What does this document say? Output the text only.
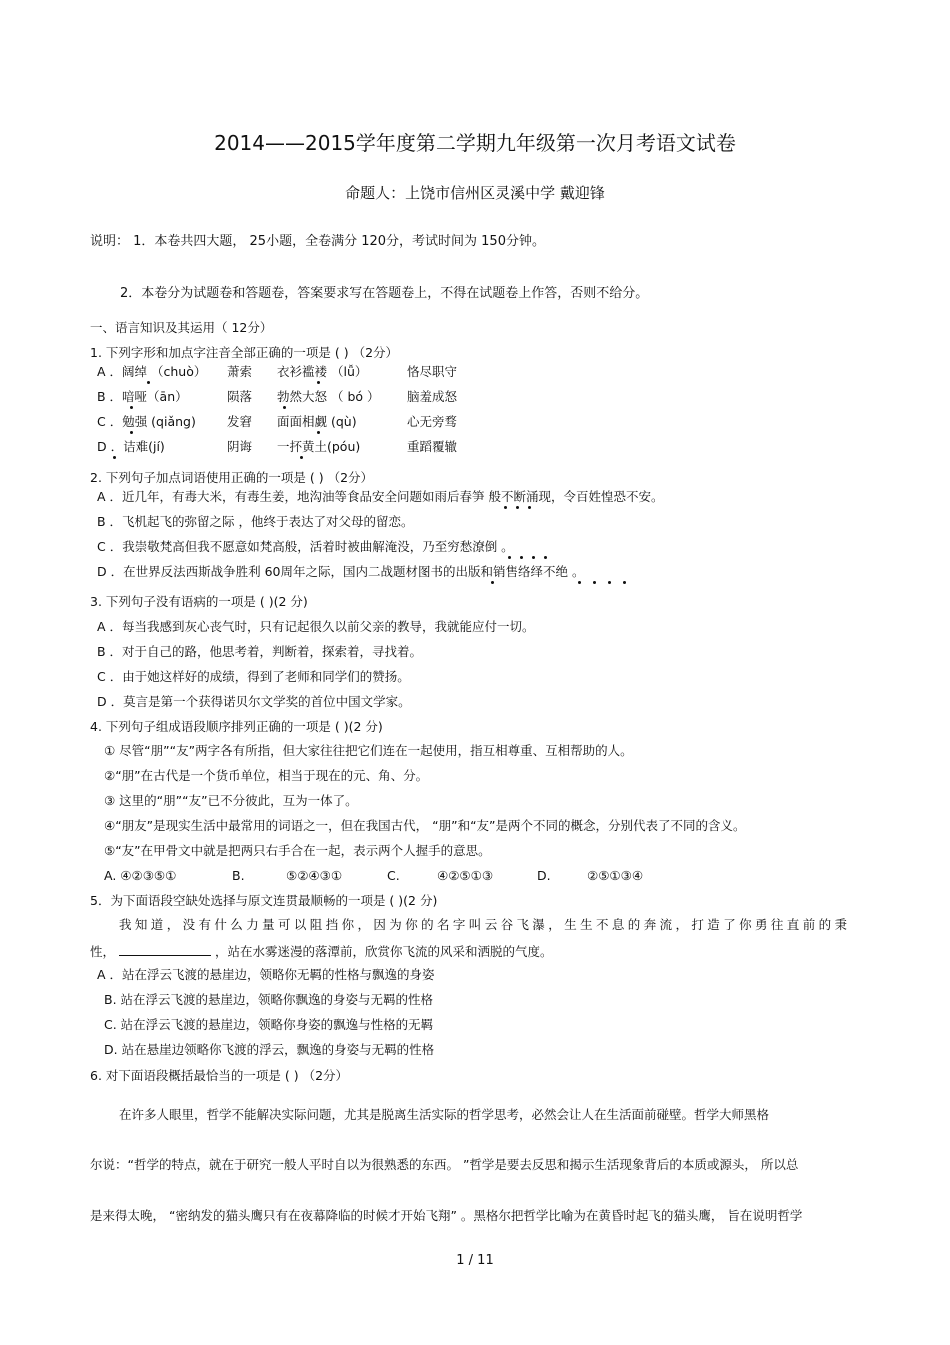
2014——2015学年度第二学期九年级第一次月考语文试卷
命题人：上饶市信州区灵溪中学 戴迎锋
说明： 1．本卷共四大题， 25小题，全卷满分 120分，考试时间为 150分钟。
2．本卷分为试题卷和答题卷，答案要求写在答题卷上，不得在试题卷上作答，否则不给分。
一、语言知识及其运用（ 12分）
1. 下列字形和加点字注音全部正确的一项是 ( ) （2分）
A ．阔绰 （chuò） 萧索 衣衫褴褛 （lǚ）	恪尽职守
B ．喑哑（ān）	陨落 勃然大怒 （ bó ） 脑羞成怒
C ．勉强 (qiǎng) 发窘 面面相觑 (qù)	心无旁骛
D ．诘难(jí)	阴诲 一抔黄土(póu)	重蹈覆辙
2. 下列句子加点词语使用正确的一项是 ( ) （2分）
A ．近几年，有毒大米，有毒生姜，地沟油等食品安全问题如雨后春笋 般不断涌现，令百姓惶恐不安。
B ．飞机起飞的弥留之际 ，他终于表达了对父母的留恋。
C ．我崇敬梵高但我不愿意如梵高般，活着时被曲解淹没，乃至穷愁潦倒 。
D ．在世界反法西斯战争胜利 60周年之际，国内二战题材图书的出版和销售络绎不绝 。
3. 下列句子没有语病的一项是 ( )(2 分)
A ．每当我感到灰心丧气时，只有记起很久以前父亲的教导，我就能应付一切。
B ．对于自己的路，他思考着，判断着，探索着，寻找着。
C ．由于她这样好的成绩，得到了老师和同学们的赞扬。
D ．莫言是第一个获得诺贝尔文学奖的首位中国文学家。
4. 下列句子组成语段顺序排列正确的一项是 ( )(2 分)
① 尽管“朋”“友”两字各有所指，但大家往往把它们连在一起使用，指互相尊重、互相帮助的人。
②“朋”在古代是一个货币单位，相当于现在的元、角、分。
③ 这里的“朋”“友”已不分彼此，互为一体了。
④“朋友”是现实生活中最常用的词语之一，但在我国古代， “朋”和“友”是两个不同的概念，分别代表了不同的含义。
⑤“友”在甲骨文中就是把两只右手合在一起，表示两个人握手的意思。
A. ④②③⑤①	B.	⑤②④③①	C.	④②⑤①③	D.	②⑤①③④
5．为下面语段空缺处选择与原文连贯最顺畅的一项是 ( )(2 分)
我知道，没有什么力量可以阻挡你，因为你的名字叫云谷飞瀑，生生不息的奔流，打造了你勇往直前的秉
性，	，站在水雾迷漫的落潭前，欣赏你飞流的风采和洒脱的气度。
A ．站在浮云飞渡的悬崖边，领略你无羁的性格与飘逸的身姿
B. 站在浮云飞渡的悬崖边，领略你飘逸的身姿与无羁的性格
C. 站在浮云飞渡的悬崖边，领略你身姿的飘逸与性格的无羁
D. 站在悬崖边领略你飞渡的浮云，飘逸的身姿与无羁的性格
6. 对下面语段概括最恰当的一项是 ( ) （2分）
在许多人眼里，哲学不能解决实际问题，尤其是脱离生活实际的哲学思考，必然会让人在生活面前碰壁。哲学大师黑格
尔说：“哲学的特点，就在于研究一般人平时自以为很熟悉的东西。 ”哲学是要去反思和揭示生活现象背后的本质或源头， 所以总
是来得太晚， “密纳发的猫头鹰只有在夜幕降临的时候才开始飞翔” 。黑格尔把哲学比喻为在黄昏时起飞的猫头鹰， 旨在说明哲学
1 / 11
